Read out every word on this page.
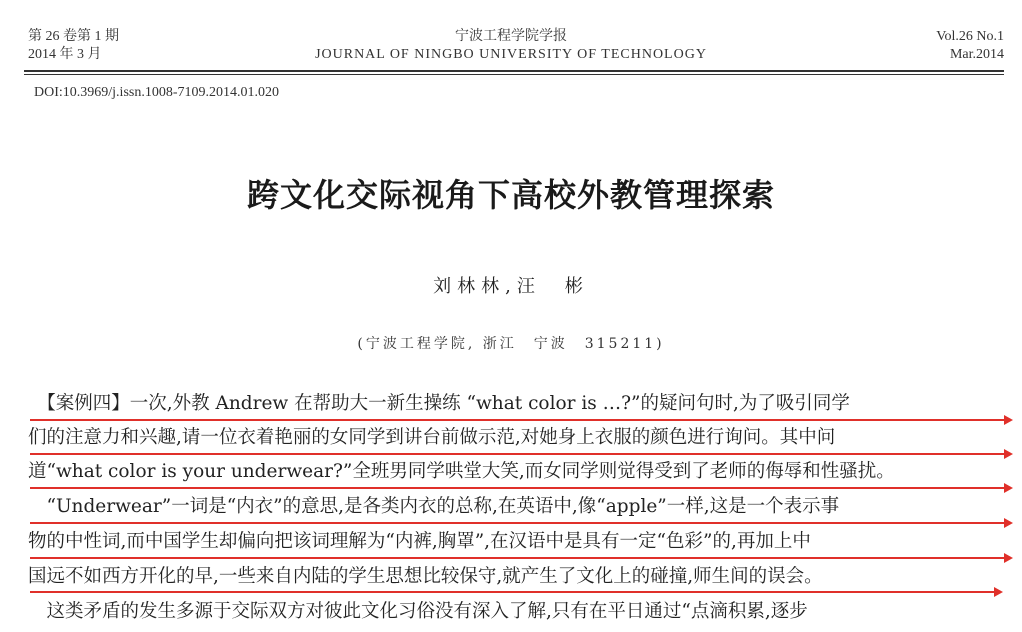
第 26 卷第 1 期
2014 年 3 月
宁波工程学院学报
JOURNAL OF NINGBO UNIVERSITY OF TECHNOLOGY
Vol.26 No.1
Mar.2014
DOI:10.3969/j.issn.1008-7109.2014.01.020
跨文化交际视角下高校外教管理探索
刘林林,汪　彬
(宁波工程学院, 浙江　宁波　315211)
　【案例四】一次,外教 Andrew 在帮助大一新生操练 “what color is …?”的疑问句时,为了吸引同学
们的注意力和兴趣,请一位衣着艳丽的女同学到讲台前做示范,对她身上衣服的颜色进行询问。其中问
道“what color is your underwear?”全班男同学哄堂大笑,而女同学则觉得受到了老师的侮辱和性骚扰。
　“Underwear”一词是“内衣”的意思,是各类内衣的总称,在英语中,像“apple”一样,这是一个表示事
物的中性词,而中国学生却偏向把该词理解为“内裤,胸罩”,在汉语中是具有一定“色彩”的,再加上中
国远不如西方开化的早,一些来自内陆的学生思想比较保守,就产生了文化上的碰撞,师生间的误会。
　这类矛盾的发生多源于交际双方对彼此文化习俗没有深入了解,只有在平日通过“点滴积累,逐步
